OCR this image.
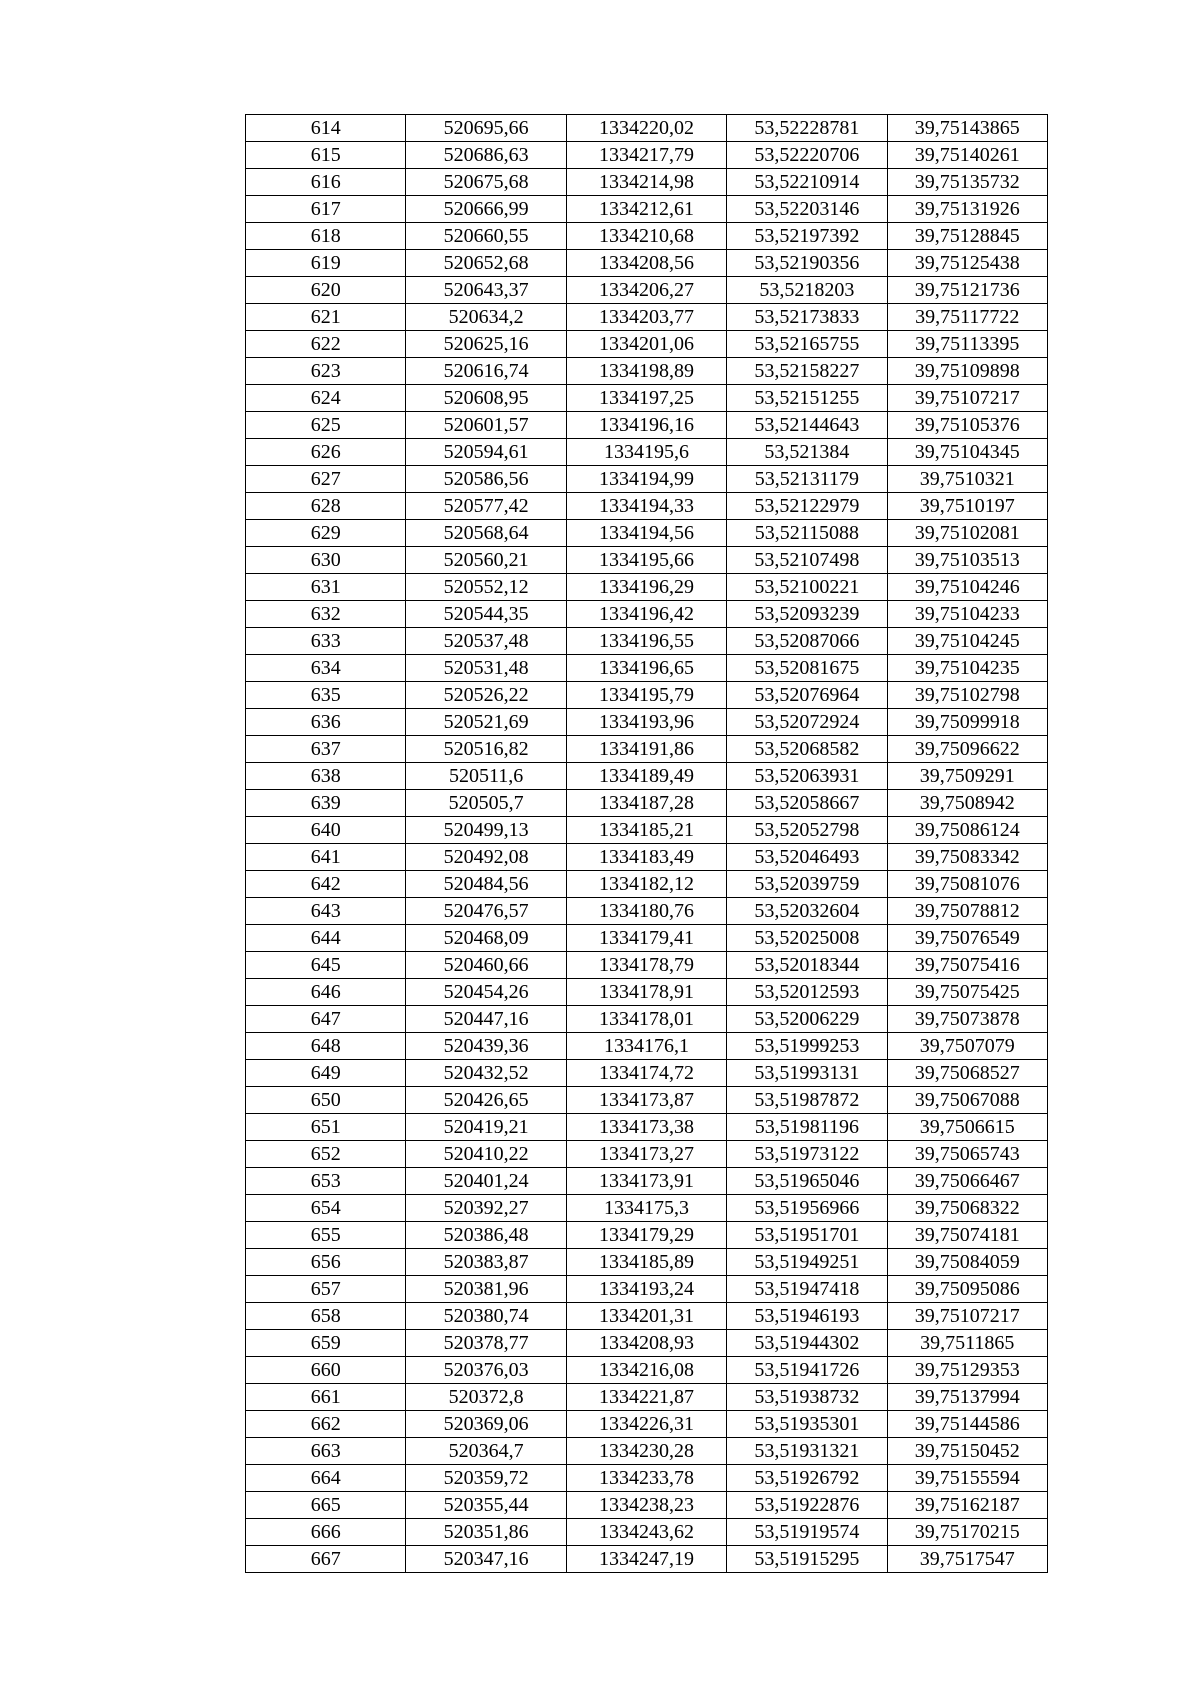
614	520695,66	1334220,02	53,52228781	39,75143865
615	520686,63	1334217,79	53,52220706	39,75140261
616	520675,68	1334214,98	53,52210914	39,75135732
617	520666,99	1334212,61	53,52203146	39,75131926
618	520660,55	1334210,68	53,52197392	39,75128845
619	520652,68	1334208,56	53,52190356	39,75125438
620	520643,37	1334206,27	53,5218203	39,75121736
621	520634,2	1334203,77	53,52173833	39,75117722
622	520625,16	1334201,06	53,52165755	39,75113395
623	520616,74	1334198,89	53,52158227	39,75109898
624	520608,95	1334197,25	53,52151255	39,75107217
625	520601,57	1334196,16	53,52144643	39,75105376
626	520594,61	1334195,6	53,521384	39,75104345
627	520586,56	1334194,99	53,52131179	39,7510321
628	520577,42	1334194,33	53,52122979	39,7510197
629	520568,64	1334194,56	53,52115088	39,75102081
630	520560,21	1334195,66	53,52107498	39,75103513
631	520552,12	1334196,29	53,52100221	39,75104246
632	520544,35	1334196,42	53,52093239	39,75104233
633	520537,48	1334196,55	53,52087066	39,75104245
634	520531,48	1334196,65	53,52081675	39,75104235
635	520526,22	1334195,79	53,52076964	39,75102798
636	520521,69	1334193,96	53,52072924	39,75099918
637	520516,82	1334191,86	53,52068582	39,75096622
638	520511,6	1334189,49	53,52063931	39,7509291
639	520505,7	1334187,28	53,52058667	39,7508942
640	520499,13	1334185,21	53,52052798	39,75086124
641	520492,08	1334183,49	53,52046493	39,75083342
642	520484,56	1334182,12	53,52039759	39,75081076
643	520476,57	1334180,76	53,52032604	39,75078812
644	520468,09	1334179,41	53,52025008	39,75076549
645	520460,66	1334178,79	53,52018344	39,75075416
646	520454,26	1334178,91	53,52012593	39,75075425
647	520447,16	1334178,01	53,52006229	39,75073878
648	520439,36	1334176,1	53,51999253	39,7507079
649	520432,52	1334174,72	53,51993131	39,75068527
650	520426,65	1334173,87	53,51987872	39,75067088
651	520419,21	1334173,38	53,51981196	39,7506615
652	520410,22	1334173,27	53,51973122	39,75065743
653	520401,24	1334173,91	53,51965046	39,75066467
654	520392,27	1334175,3	53,51956966	39,75068322
655	520386,48	1334179,29	53,51951701	39,75074181
656	520383,87	1334185,89	53,51949251	39,75084059
657	520381,96	1334193,24	53,51947418	39,75095086
658	520380,74	1334201,31	53,51946193	39,75107217
659	520378,77	1334208,93	53,51944302	39,7511865
660	520376,03	1334216,08	53,51941726	39,75129353
661	520372,8	1334221,87	53,51938732	39,75137994
662	520369,06	1334226,31	53,51935301	39,75144586
663	520364,7	1334230,28	53,51931321	39,75150452
664	520359,72	1334233,78	53,51926792	39,75155594
665	520355,44	1334238,23	53,51922876	39,75162187
666	520351,86	1334243,62	53,51919574	39,75170215
667	520347,16	1334247,19	53,51915295	39,7517547
